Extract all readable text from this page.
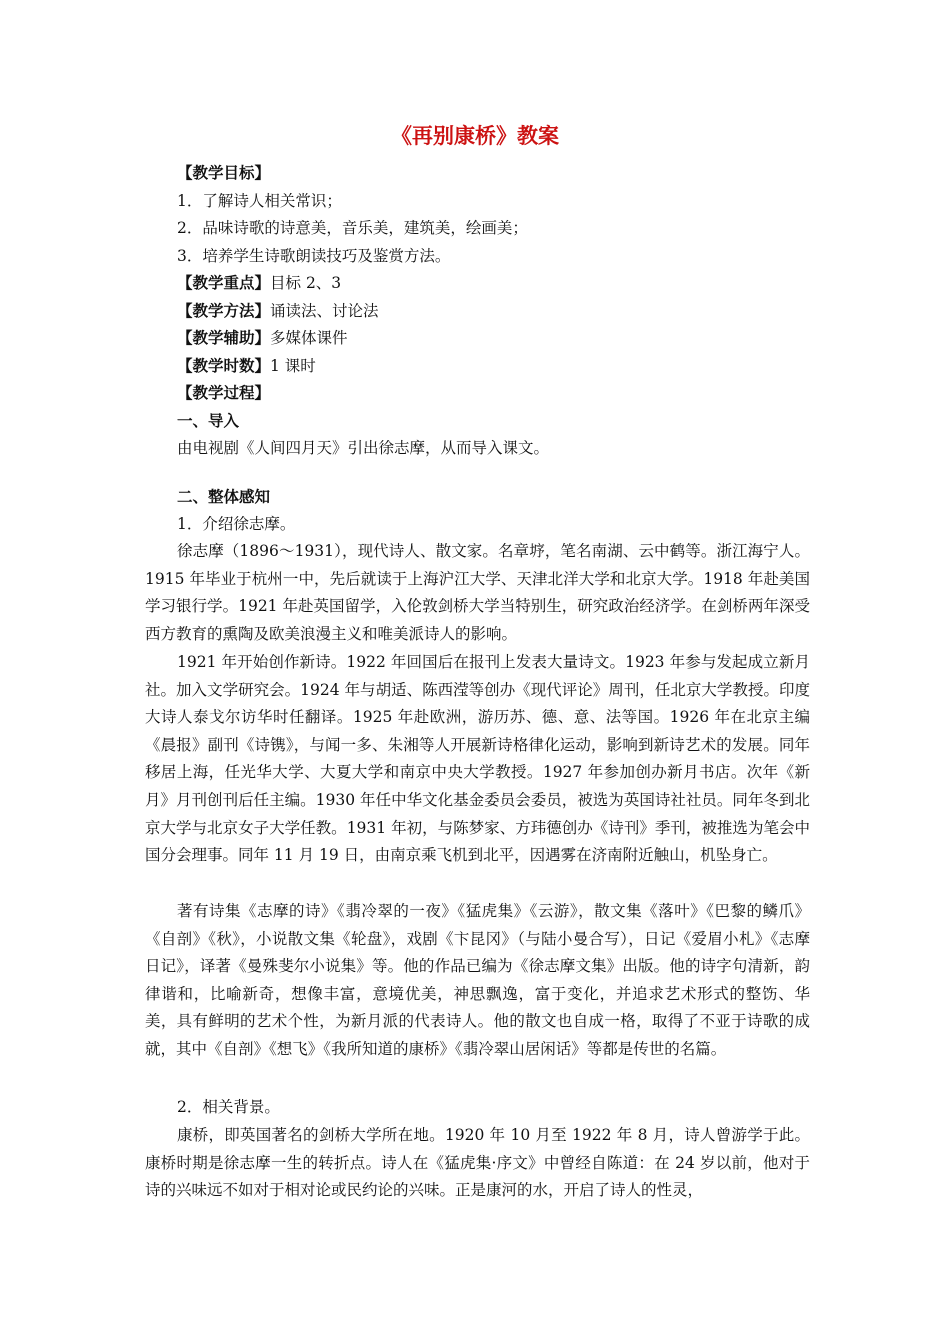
《再别康桥》教案

【教学目标】

1．了解诗人相关常识；

2．品味诗歌的诗意美，音乐美，建筑美，绘画美；

3．培养学生诗歌朗读技巧及鉴赏方法。

【教学重点】目标 2、3

【教学方法】诵读法、讨论法

【教学辅助】多媒体课件

【教学时数】1 课时

【教学过程】

一、导入

由电视剧《人间四月天》引出徐志摩，从而导入课文。

二、整体感知

1．介绍徐志摩。

徐志摩（1896～1931），现代诗人、散文家。名章垿，笔名南湖、云中鹤等。浙江海宁人。1915 年毕业于杭州一中，先后就读于上海沪江大学、天津北洋大学和北京大学。1918 年赴美国学习银行学。1921 年赴英国留学，入伦敦剑桥大学当特别生，研究政治经济学。在剑桥两年深受西方教育的熏陶及欧美浪漫主义和唯美派诗人的影响。

1921 年开始创作新诗。1922 年回国后在报刊上发表大量诗文。1923 年参与发起成立新月社。加入文学研究会。1924 年与胡适、陈西滢等创办《现代评论》周刊，任北京大学教授。印度大诗人泰戈尔访华时任翻译。1925 年赴欧洲，游历苏、德、意、法等国。1926 年在北京主编《晨报》副刊《诗镌》，与闻一多、朱湘等人开展新诗格律化运动，影响到新诗艺术的发展。同年移居上海，任光华大学、大夏大学和南京中央大学教授。1927 年参加创办新月书店。次年《新月》月刊创刊后任主编。1930 年任中华文化基金委员会委员，被选为英国诗社社员。同年冬到北京大学与北京女子大学任教。1931 年初，与陈梦家、方玮德创办《诗刊》季刊，被推选为笔会中国分会理事。同年 11 月 19 日，由南京乘飞机到北平，因遇雾在济南附近触山，机坠身亡。

著有诗集《志摩的诗》《翡冷翠的一夜》《猛虎集》《云游》，散文集《落叶》《巴黎的鳞爪》《自剖》《秋》，小说散文集《轮盘》，戏剧《卞昆冈》（与陆小曼合写），日记《爱眉小札》《志摩日记》，译著《曼殊斐尔小说集》等。他的作品已编为《徐志摩文集》出版。他的诗字句清新，韵律谐和，比喻新奇，想像丰富，意境优美，神思飘逸，富于变化，并追求艺术形式的整饬、华美，具有鲜明的艺术个性，为新月派的代表诗人。他的散文也自成一格，取得了不亚于诗歌的成就，其中《自剖》《想飞》《我所知道的康桥》《翡冷翠山居闲话》等都是传世的名篇。

2．相关背景。

康桥，即英国著名的剑桥大学所在地。1920 年 10 月至 1922 年 8 月，诗人曾游学于此。康桥时期是徐志摩一生的转折点。诗人在《猛虎集·序文》中曾经自陈道：在 24 岁以前，他对于诗的兴味远不如对于相对论或民约论的兴味。正是康河的水，开启了诗人的性灵，
